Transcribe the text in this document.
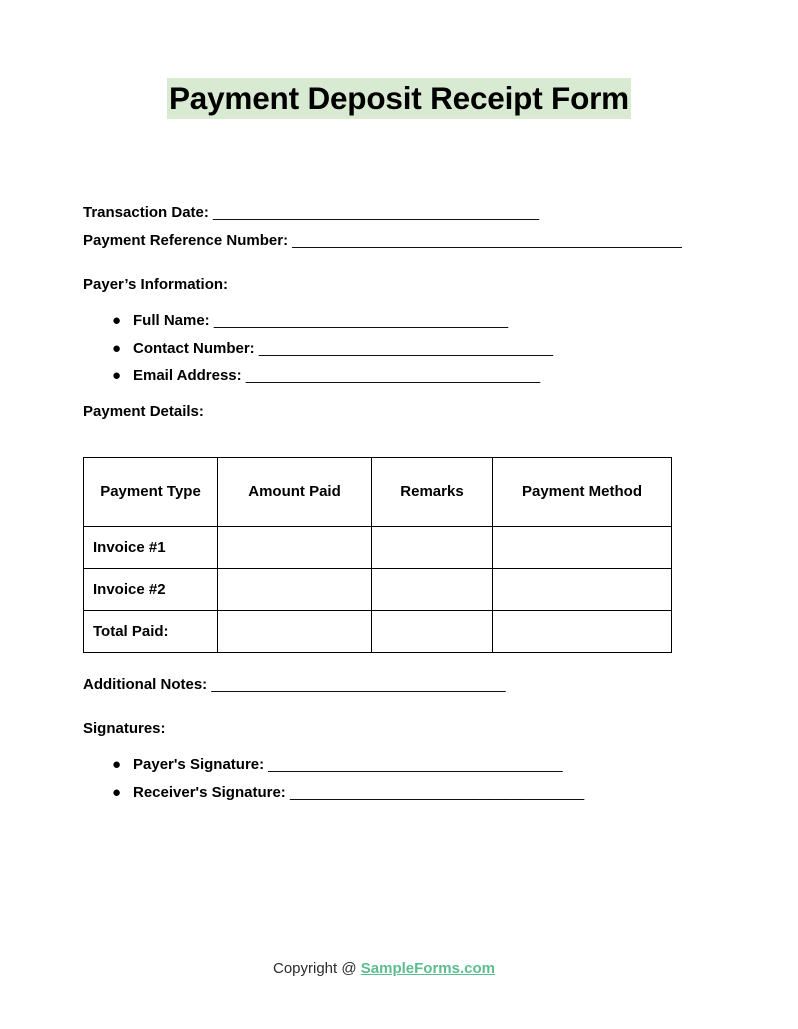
Payment Deposit Receipt Form
Transaction Date: _________________________________________
Payment Reference Number: _________________________________________________
Payer’s Information:
● Full Name: _____________________________________
● Contact Number: _____________________________________
● Email Address: _____________________________________
Payment Details:
Payment Type	Amount Paid	Remarks	Payment Method
Invoice #1			
Invoice #2			
Total Paid:			
Additional Notes: _____________________________________
Signatures:
● Payer's Signature: _____________________________________
● Receiver's Signature: _____________________________________
Copyright @ SampleForms.com
